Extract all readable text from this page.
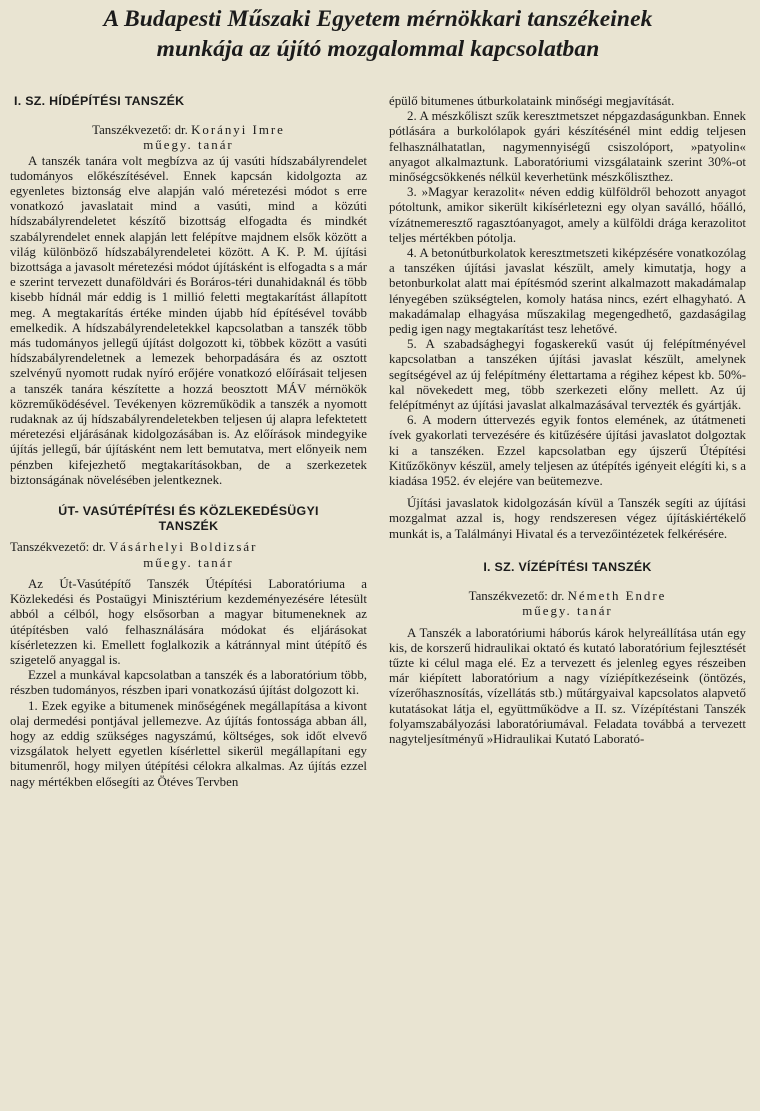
A Budapesti Műszaki Egyetem mérnökkari tanszékeinek
munkája az újító mozgalommal kapcsolatban
I. SZ. HÍDÉPÍTÉSI TANSZÉK
Tanszékvezető: dr. Korányi Imre
műegy. tanár

A tanszék tanára volt megbízva az új vasúti hídszabályrendelet tudományos előkészítésével. Ennek kapcsán kidolgozta az egyenletes biztonság elve alapján való méretezési módot s erre vonatkozó javaslatait mind a vasúti, mind a közúti hídszabályrendeletet készítő bizottság elfogadta és mindkét szabályrendelet ennek alapján lett felépítve majdnem elsők között a világ különböző hídszabályrendeletei között. A K. P. M. újítási bizottsága a javasolt méretezési módot újításként is elfogadta s a már e szerint tervezett dunaföldvári és Boráros-téri dunahidaknál és több kisebb hídnál már eddig is 1 millió feletti megtakarítást állapított meg. A megtakarítás értéke minden újabb híd építésével tovább emelkedik. A hídszabályrendeletekkel kapcsolatban a tanszék több más tudományos jellegű újítást dolgozott ki, többek között a vasúti hídszabályrendeletnek a lemezek behorpadására és az osztott szelvényű nyomott rudak nyíró erőjére vonatkozó előírásait teljesen a tanszék tanára készítette a hozzá beosztott MÁV mérnökök közreműködésével. Tevékenyen közreműködik a tanszék a nyomott rudaknak az új hídszabályrendeletekben teljesen új alapra lefektetett méretezési eljárásának kidolgozásában is. Az előírások mindegyike újítás jellegű, bár újításként nem lett bemutatva, mert előnyeik nem pénzben kifejezhető megtakarításokban, de a szerkezetek biztonságának növelésében jelentkeznek.

ÚT- VASÚTÉPÍTÉSI ÉS KÖZLEKEDÉSÜGYI
TANSZÉK
Tanszékvezető: dr. Vásárhelyi Boldizsár
műegy. tanár

Az Út-Vasútépítő Tanszék Útépítési Laboratóriuma a Közlekedési és Postaügyi Minisztérium kezdeményezésére létesült abból a célból, hogy elsősorban a magyar bitumeneknek az útépítésben való felhasználására módokat és eljárásokat kísérletezzen ki. Emellett foglalkozik a kátránnyal mint útépítő és szigetelő anyaggal is.

Ezzel a munkával kapcsolatban a tanszék és a laboratórium több, részben tudományos, részben ipari vonatkozású újítást dolgozott ki.

1. Ezek egyike a bitumenek minőségének megállapítása a kivont olaj dermedési pontjával jellemezve. Az újítás fontossága abban áll, hogy az eddig szükséges nagyszámú, költséges, sok időt elvevő vizsgálatok helyett egyetlen kísérlettel sikerül megállapítani egy bitumenről, hogy milyen útépítési célokra alkalmas. Az újítás ezzel nagy mértékben elősegíti az Ötéves Tervben

épülő bitumenes útburkolataink minőségi megjavítását.

2. A mészkőliszt szűk keresztmetszet népgazdaságunkban. Ennek pótlására a burkolólapok gyári készítésénél mint eddig teljesen felhasználhatatlan, nagymennyiségű csiszolóport, »patyolin« anyagot alkalmaztunk. Laboratóriumi vizsgálataink szerint 30%-ot minőségcsökkenés nélkül keverhetünk mészkőliszthez.

3. »Magyar kerazolit« néven eddig külföldről behozott anyagot pótoltunk, amikor sikerült kikísérletezni egy olyan saválló, hőálló, vízátnemeresztő ragasztóanyagot, amely a külföldi drága kerazolitot teljes mértékben pótolja.

4. A betonútburkolatok keresztmetszeti kiképzésére vonatkozólag a tanszéken újítási javaslat készült, amely kimutatja, hogy a betonburkolat alatt mai építésmód szerint alkalmazott makadámalap lényegében szükségtelen, komoly hatása nincs, ezért elhagyható. A makadámalap elhagyása műszakilag megengedhető, gazdaságilag pedig igen nagy megtakarítást tesz lehetővé.

5. A szabadsághegyi fogaskerekű vasút új felépítményével kapcsolatban a tanszéken újítási javaslat készült, amelynek segítségével az új felépítmény élettartama a régihez képest kb. 50%-kal növekedett meg, több szerkezeti előny mellett. Az új felépítményt az újítási javaslat alkalmazásával tervezték és gyártják.

6. A modern úttervezés egyik fontos elemének, az útátmeneti ívek gyakorlati tervezésére és kitűzésére újítási javaslatot dolgoztak ki a tanszéken. Ezzel kapcsolatban egy újszerű Útépítési Kitűzőkönyv készül, amely teljesen az útépítés igényeit elégíti ki, s a kiadása 1952. év elejére van beütemezve.

Újítási javaslatok kidolgozásán kívül a Tanszék segíti az újítási mozgalmat azzal is, hogy rendszeresen végez újításkiértékelő munkát is, a Találmányi Hivatal és a tervezőintézetek felkérésére.

I. SZ. VÍZÉPÍTÉSI TANSZÉK
Tanszékvezető: dr. Németh Endre
műegy. tanár

A Tanszék a laboratóriumi háborús károk helyreállítása után egy kis, de korszerű hidraulikai oktató és kutató laboratórium fejlesztését tűzte ki célul maga elé. Ez a tervezett és jelenleg egyes részeiben már kiépített laboratórium a nagy víziépítkezéseink (öntözés, vízerőhasznosítás, vízellátás stb.) műtárgyaival kapcsolatos alapvető kutatásokat látja el, együttműködve a II. sz. Vízépítéstani Tanszék folyamszabályozási laboratóriumával. Feladata továbbá a tervezett nagyteljesítményű »Hidraulikai Kutató Laborató-
